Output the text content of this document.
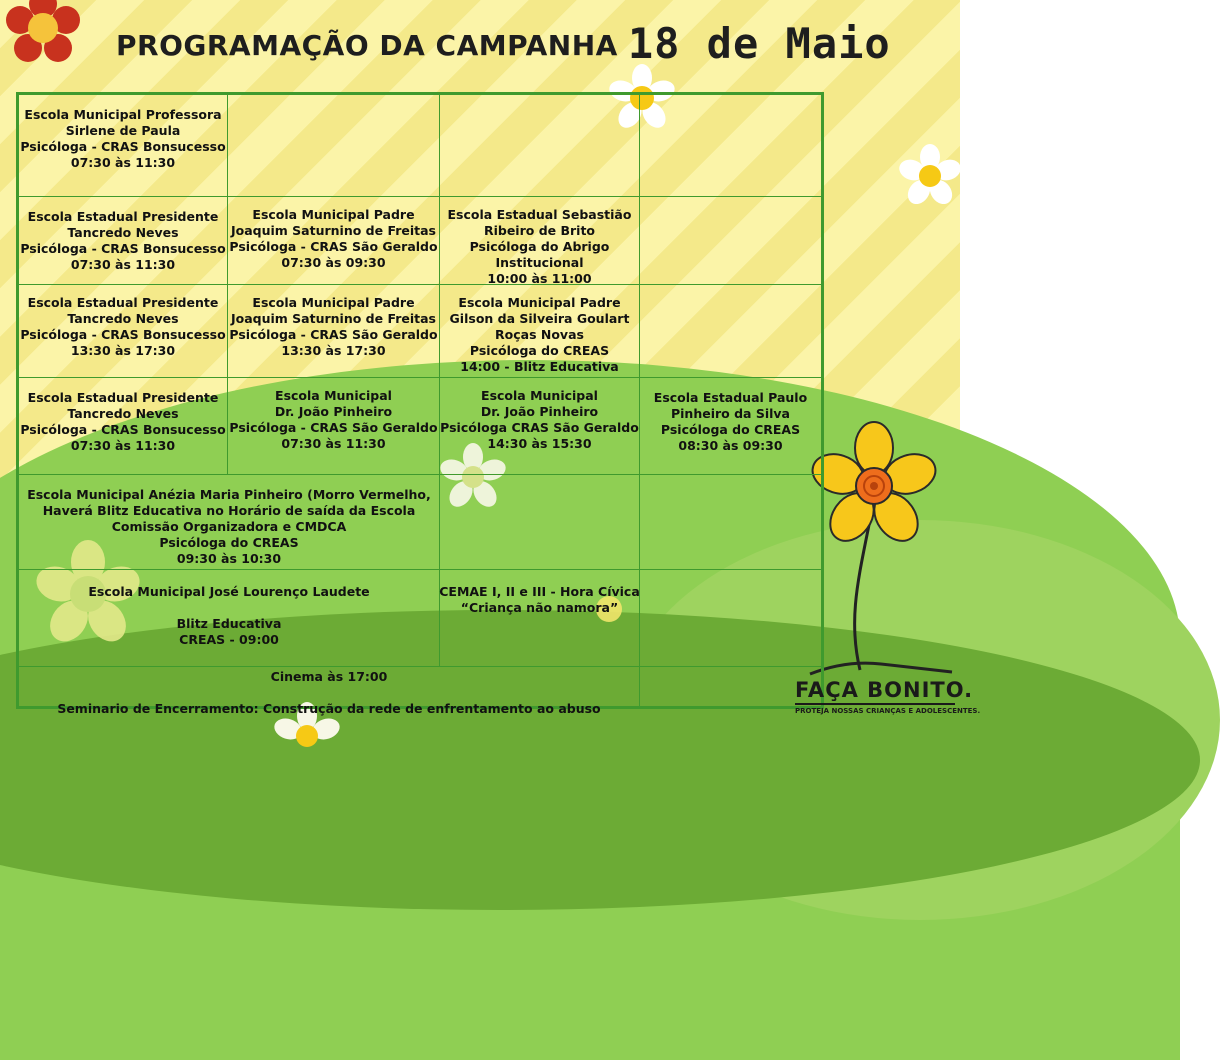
PROGRAMAÇÃO DA CAMPANHA 18 de Maio
Escola Municipal Professora
Sirlene de Paula
Psicóloga - CRAS Bonsucesso
07:30 às 11:30
Escola Estadual Presidente
Tancredo Neves
Psicóloga - CRAS Bonsucesso
07:30 às 11:30
Escola Municipal Padre
Joaquim Saturnino de Freitas
Psicóloga - CRAS São Geraldo
07:30 às 09:30
Escola Estadual Sebastião
Ribeiro de Brito
Psicóloga do Abrigo
Institucional
10:00 às 11:00
Escola Estadual Presidente
Tancredo Neves
Psicóloga - CRAS Bonsucesso
13:30 às 17:30
Escola Municipal Padre
Joaquim Saturnino de Freitas
Psicóloga - CRAS São Geraldo
13:30 às 17:30
Escola Municipal Padre
Gilson da Silveira Goulart
Roças Novas
Psicóloga do CREAS
14:00 - Blitz Educativa
Escola Estadual Presidente
Tancredo Neves
Psicóloga - CRAS Bonsucesso
07:30 às 11:30
Escola Municipal
Dr. João Pinheiro
Psicóloga - CRAS São Geraldo
07:30 às 11:30
Escola Municipal
Dr. João Pinheiro
Psicóloga CRAS São Geraldo
14:30 às 15:30
Escola Estadual Paulo
Pinheiro da Silva
Psicóloga do CREAS
08:30 às 09:30
Escola Municipal Anézia Maria Pinheiro (Morro Vermelho,
Haverá Blitz Educativa no Horário de saída da Escola
Comissão Organizadora e CMDCA
Psicóloga do CREAS
09:30 às 10:30
Escola Municipal José Lourenço Laudete

Blitz Educativa
CREAS - 09:00
CEMAE I, II e III - Hora Cívica
“Criança não namora”
Cinema às 17:00

Seminario de Encerramento: Construção da rede de enfrentamento ao abuso
FAÇA BONITO.
PROTEJA NOSSAS CRIANÇAS E ADOLESCENTES.
